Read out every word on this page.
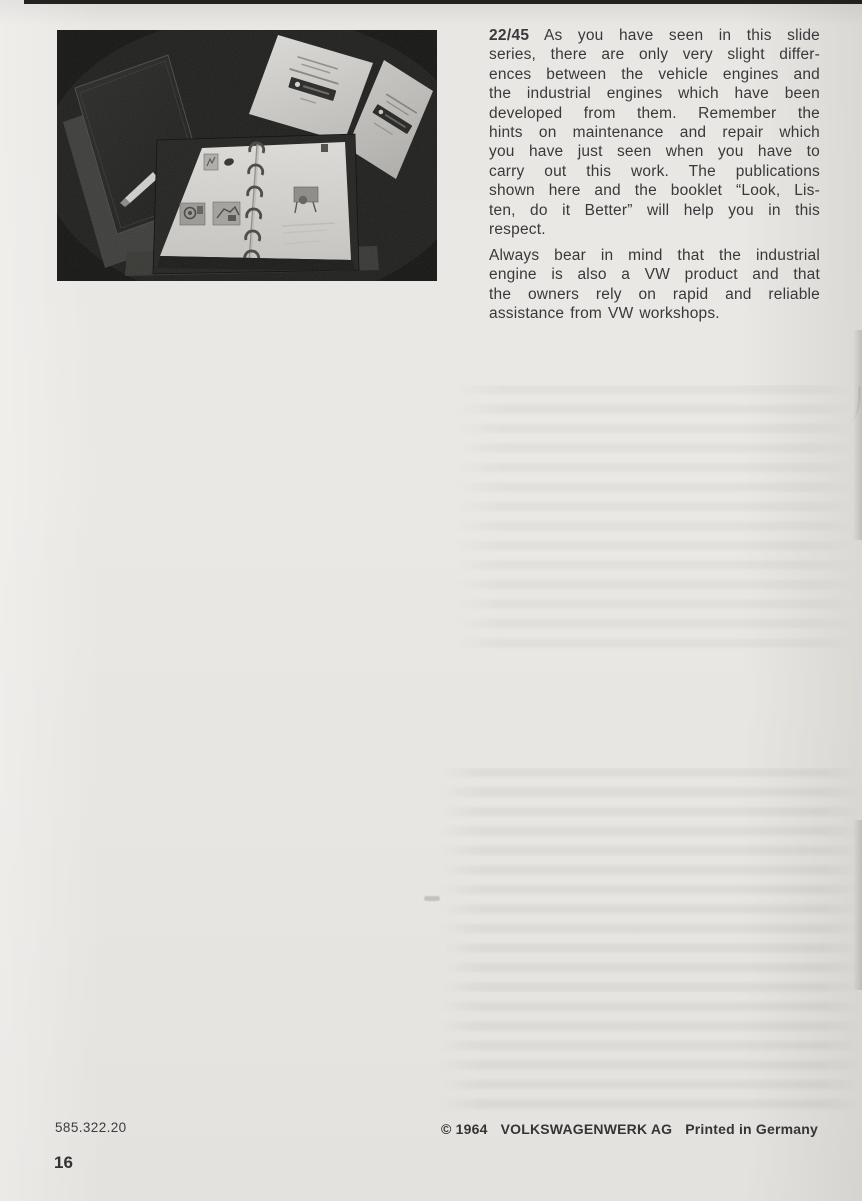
22/45 As you have seen in this slide
series, there are only very slight differ-
ences between the vehicle engines and
the industrial engines which have been
developed from them. Remember the
hints on maintenance and repair which
you have just seen when you have to
carry out this work. The publications
shown here and the booklet “Look, Lis-
ten, do it Better” will help you in this
respect.
Always bear in mind that the industrial
engine is also a VW product and that
the owners rely on rapid and reliable
assistance from VW workshops.
585.322.20
16
© 1964 VOLKSWAGENWERK AG Printed in Germany
